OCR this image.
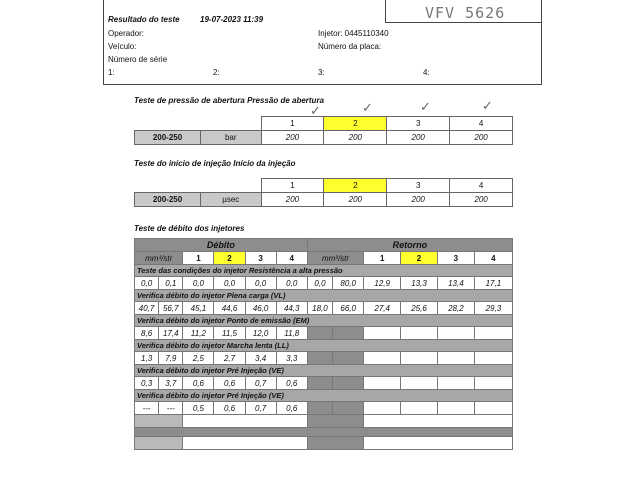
VFV 5626
Resultado do teste	19-07-2023 11:39
Operador:	Injetor: 0445110340
Veículo:	Número da placa:
Número de série
1:	2:	3:	4:
Teste de pressão de abertura Pressão de abertura	✓	✓	✓
✓
		1	2	3	4
200-250	bar	200	200	200	200
Teste do início de injeção Início da injeção
		1	2	3	4
200-250	µsec	200	200	200	200
Teste de débito dos injetores
Débito						Retorno					
mm³/str		1	2	3	4	mm³/str		1	2	3	4
Teste das condições do injetor Resistência a alta pressão											
0,0	0,1	0,0	0,0	0,0	0,0	0,0	80,0	12,9	13,3	13,4	17,1
Verifica débito do injetor Plena carga (VL)											
40,7	56,7	45,1	44,6	46,0	44,3	18,0	66,0	27,4	25,6	28,2	29,3
Verifica débito do injetor Ponto de emissão (EM)											
8,6	17,4	11,2	11,5	12,0	11,8						
Verifica débito do injetor Marcha lenta (LL)											
1,3	7,9	2,5	2,7	3,4	3,3						
Verifica débito do injetor Pré Injeção (VE)											
0,3	3,7	0,6	0,6	0,7	0,6						
Verifica débito do injetor Pré Injeção (VE)											
---	---	0,5	0,6	0,7	0,6						
